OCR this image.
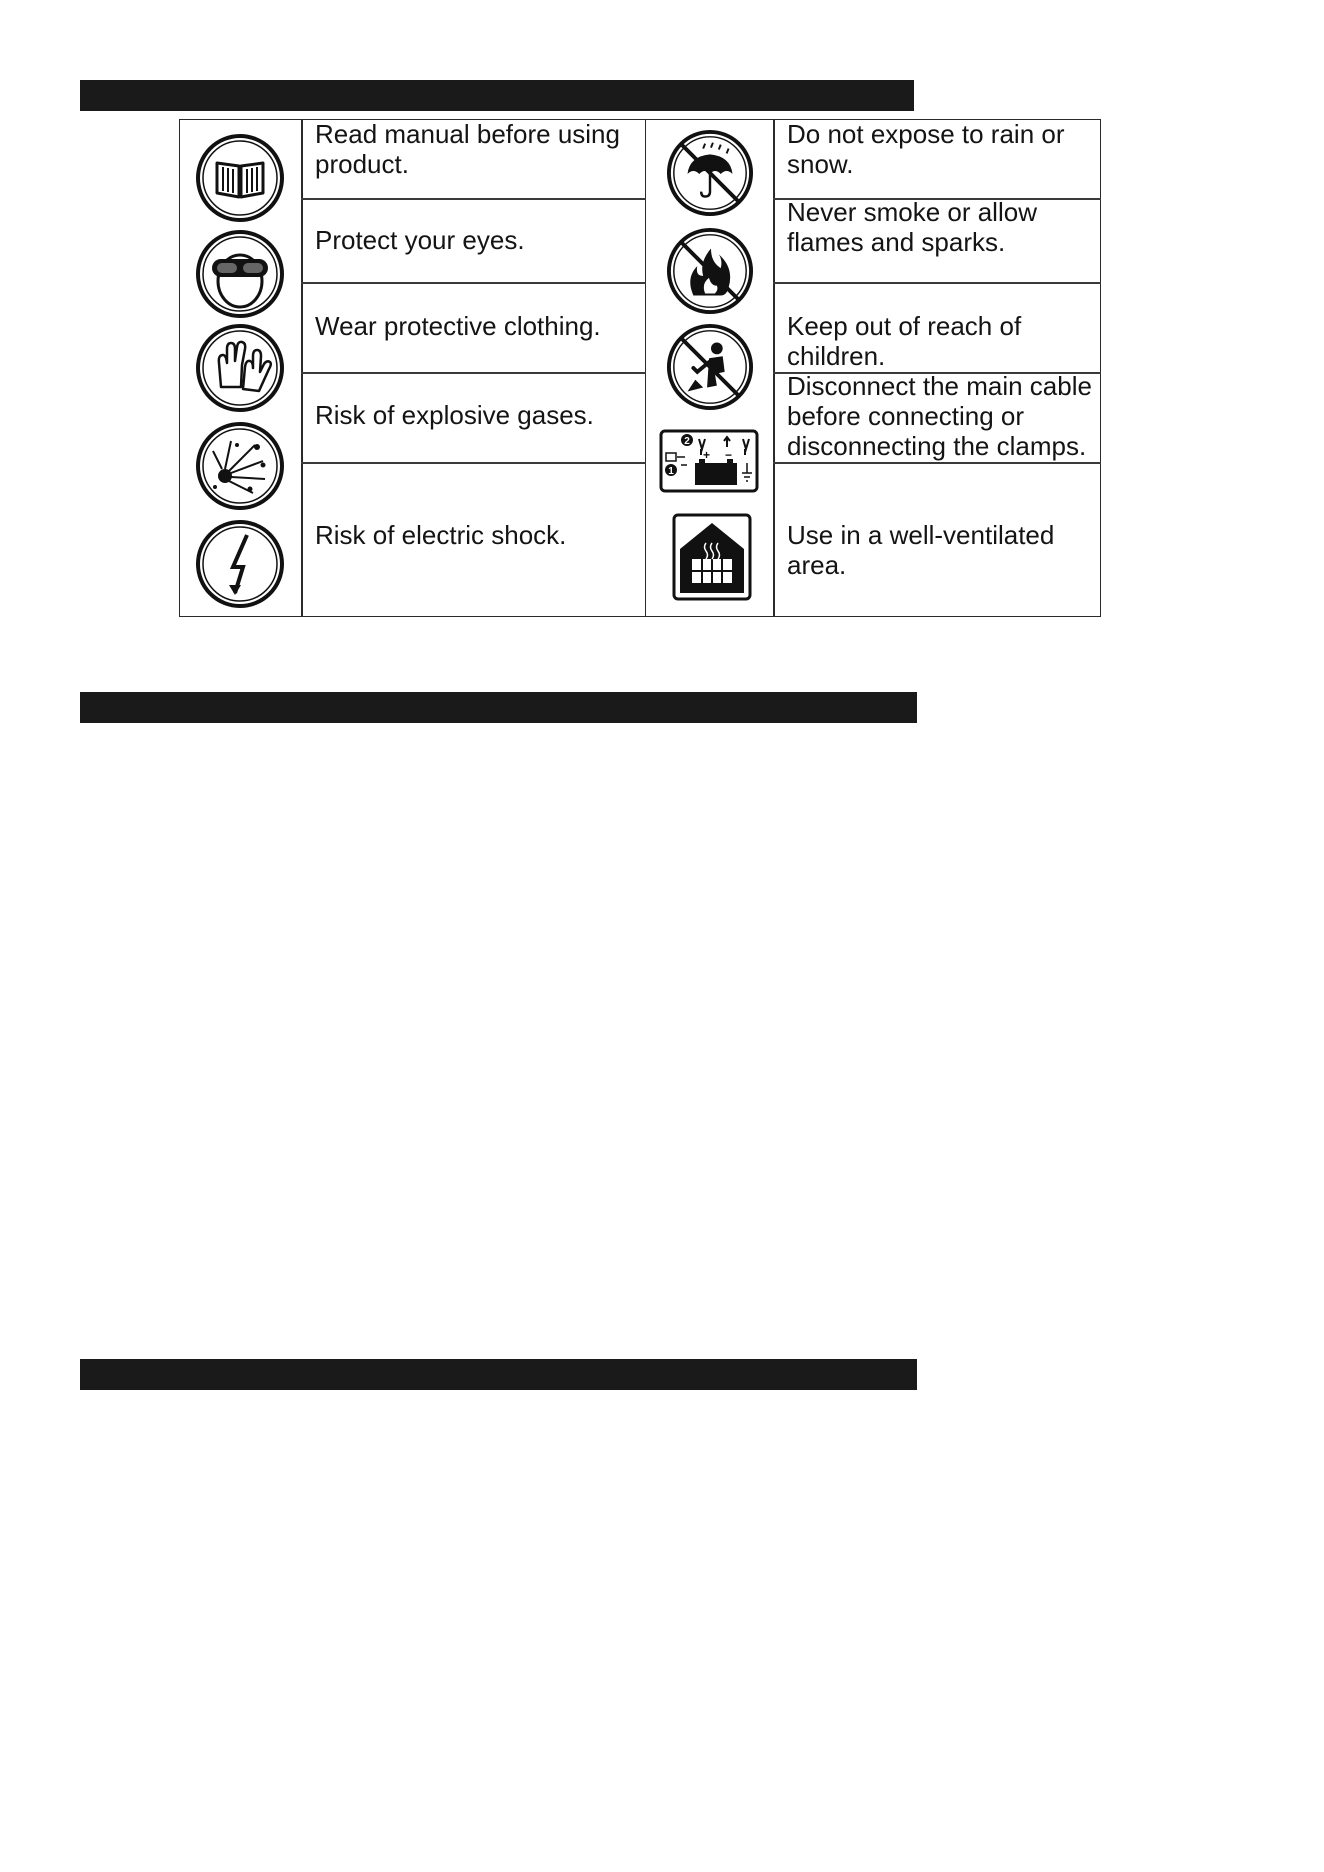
Read manual before using
product.
Protect your eyes.
Wear protective clothing.
Risk of explosive gases.
Risk of electric shock.
Do not expose to rain or
snow.
Never smoke or allow
flames and sparks.
Keep out of reach of
children.
Disconnect the main cable
before connecting or
disconnecting the clamps.
Use in a well-ventilated
area.
2
1
+ −
